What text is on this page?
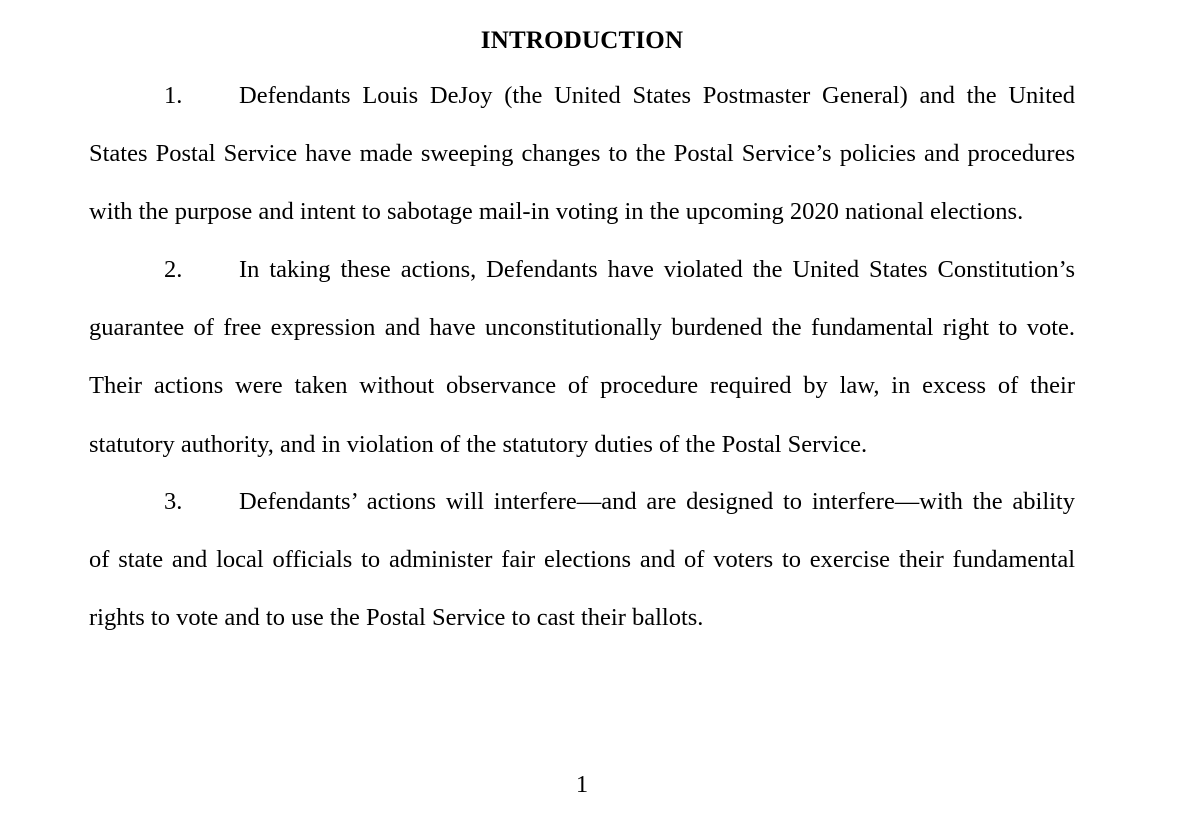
INTRODUCTION
1. Defendants Louis DeJoy (the United States Postmaster General) and the United
States Postal Service have made sweeping changes to the Postal Service’s policies and procedures
with the purpose and intent to sabotage mail-in voting in the upcoming 2020 national elections.
2. In taking these actions, Defendants have violated the United States Constitution’s
guarantee of free expression and have unconstitutionally burdened the fundamental right to vote.
Their actions were taken without observance of procedure required by law, in excess of their
statutory authority, and in violation of the statutory duties of the Postal Service.
3. Defendants’ actions will interfere—and are designed to interfere—with the ability
of state and local officials to administer fair elections and of voters to exercise their fundamental
rights to vote and to use the Postal Service to cast their ballots.
1
